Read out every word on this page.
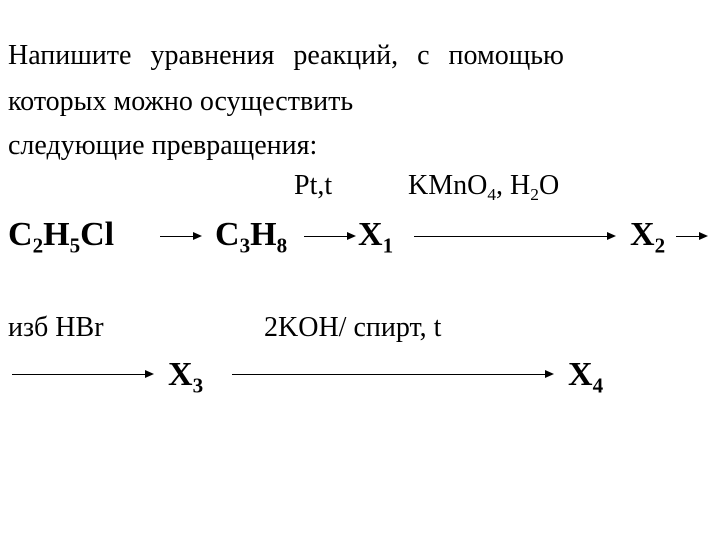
Напишите уравнения реакций, с помощью
которых можно осуществить
следующие превращения:
Pt,t	KMnO$_4$, $H_2O$
$C_2H_5Cl$	$C_3H_8$ $X_1$	$X_2$
изб HBr	2KOH/ спирт, t
$X_3$	$X_4$
